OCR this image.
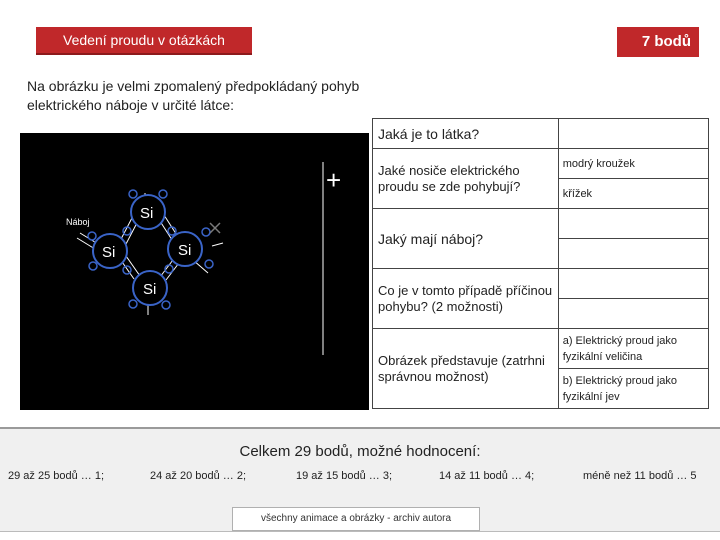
Vedení proudu v otázkách	7 bodů
Na obrázku je velmi zpomalený předpokládaný pohyb elektrického náboje v určité látce:
+
Si
Si	Si
Si
Náboj
Jaká je to látka?	
Jaké nosiče elektrického proudu se zde pohybují?	modrý kroužek
	křížek
Jaký mají náboj?	

Co je v tomto případě příčinou pohybu? (2 možnosti)	

Obrázek představuje (zatrhni správnou možnost)	a) Elektrický proud jako fyzikální veličina
	b) Elektrický proud jako fyzikální jev
Celkem 29 bodů, možné hodnocení:
29 až 25 bodů … 1;	24 až 20 bodů … 2;	19 až 15 bodů … 3;	14 až 11 bodů … 4;	méně než 11 bodů … 5
všechny animace a obrázky - archiv autora
